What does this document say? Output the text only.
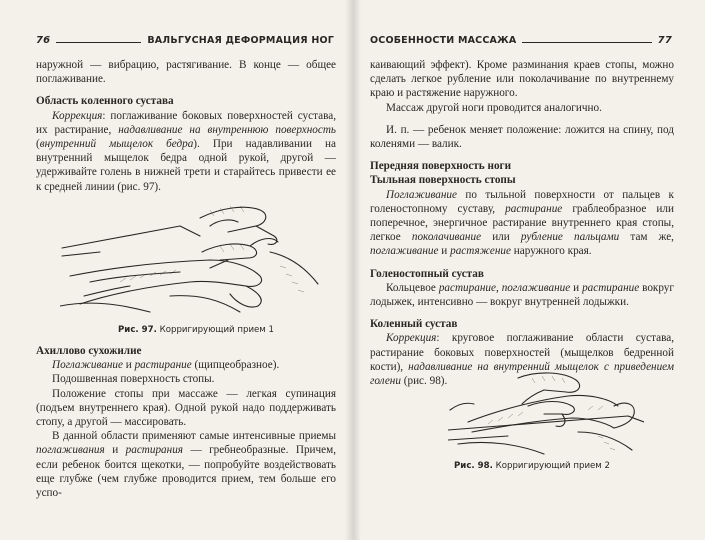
76	ВАЛЬГУСНАЯ ДЕФОРМАЦИЯ НОГ

наружной — вибрацию, растягивание. В конце — общее поглаживание.

Область коленного сустава

Коррекция: поглаживание боковых поверхностей сустава, их растирание, надавливание на внутреннюю поверхность (внутренний мыщелок бедра). При надавливании на внутренний мыщелок бедра одной рукой, другой — удерживайте голень в нижней трети и старайтесь привести ее к средней линии (рис. 97).

Рис. 97. Корригирующий прием 1

Ахиллово сухожилие

Поглаживание и растирание (щипцеобразное).

Подошвенная поверхность стопы.

Положение стопы при массаже — легкая супинация (подъем внутреннего края). Одной рукой надо поддерживать стопу, а другой — массировать.

В данной области применяют самые интенсивные приемы поглаживания и растирания — гребнеобразные. Причем, если ребенок боится щекотки, — попробуйте воздействовать еще глубже (чем глубже проводится прием, тем больше его успо-

ОСОБЕННОСТИ МАССАЖА	77

каивающий эффект). Кроме разминания краев стопы, можно сделать легкое рубление или поколачивание по внутреннему краю и растяжение наружного.

Массаж другой ноги проводится аналогично.

И. п. — ребенок меняет положение: ложится на спину, под коленями — валик.

Передняя поверхность ноги

Тыльная поверхность стопы

Поглаживание по тыльной поверхности от пальцев к голеностопному суставу, растирание граблеобразное или поперечное, энергичное растирание внутреннего края стопы, легкое поколачивание или рубление пальцами там же, поглаживание и растяжение наружного края.

Голеностопный сустав

Кольцевое растирание, поглаживание и растирание вокруг лодыжек, интенсивно — вокруг внутренней лодыжки.

Коленный сустав

Коррекция: круговое поглаживание области сустава, растирание боковых поверхностей (мыщелков бедренной кости), надавливание на внутренний мыщелок с приведением голени (рис. 98).

Рис. 98. Корригирующий прием 2
